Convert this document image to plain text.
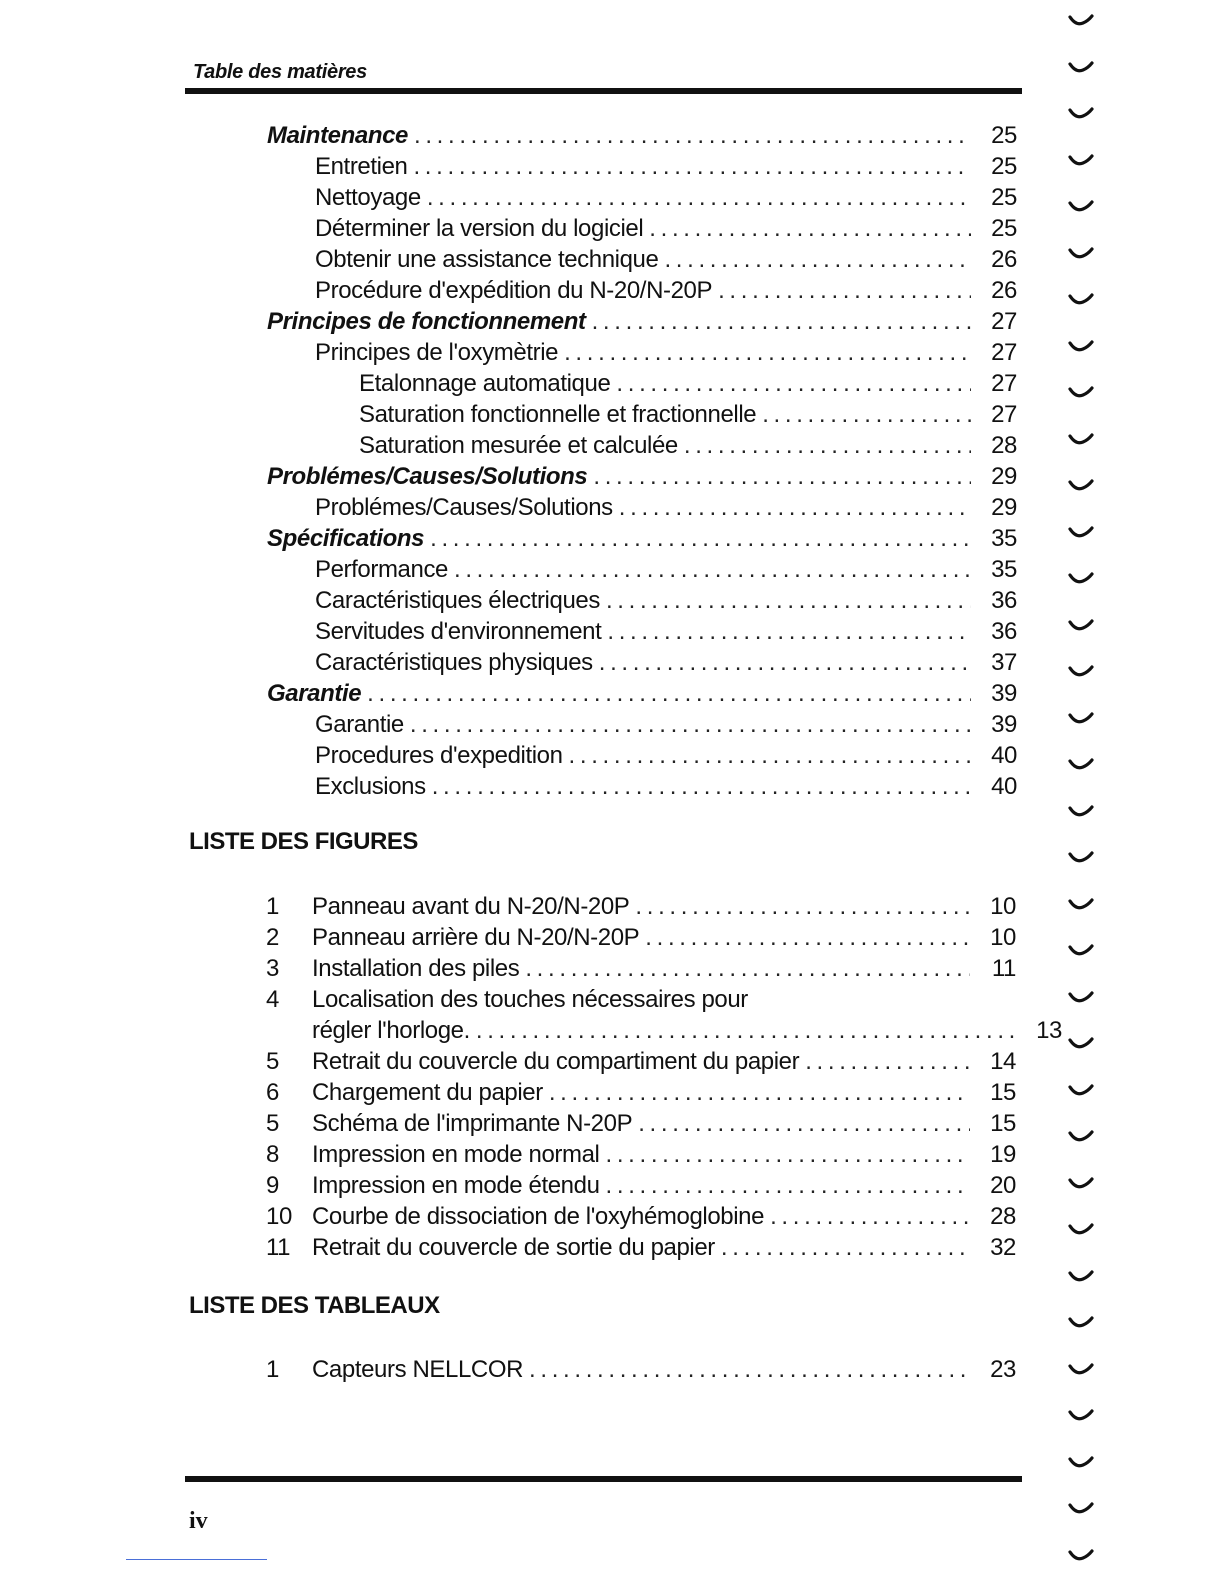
Table des matières
Maintenance . . .	25
Entretien . . .	25
Nettoyage . . .	25
Déterminer la version du logiciel . . .	25
Obtenir une assistance technique . . .	26
Procédure d'expédition du N-20/N-20P . . .	26
Principes de fonctionnement . . .	27
Principes de l'oxymètrie . . .	27
Etalonnage automatique . . .	27
Saturation fonctionnelle et fractionnelle . . .	27
Saturation mesurée et calculée . . .	28
Problémes/Causes/Solutions . . .	29
Problémes/Causes/Solutions . . .	29
Spécifications . . .	35
Performance . . .	35
Caractéristiques électriques . . .	36
Servitudes d'environnement . . .	36
Caractéristiques physiques . . .	37
Garantie . . .	39
Garantie . . .	39
Procedures d'expedition . . .	40
Exclusions . . .	40
LISTE DES FIGURES
1	Panneau avant du N-20/N-20P . . .	10
2	Panneau arrière du N-20/N-20P . . .	10
3	Installation des piles . . .	11
4	Localisation des touches nécessaires pour
régler l'horloge. . . .	13
5	Retrait du couvercle du compartiment du papier . . .	14
6	Chargement du papier . . .	15
5	Schéma de l'imprimante N-20P . . .	15
8	Impression en mode normal . . .	19
9	Impression en mode étendu . . .	20
10 Courbe de dissociation de l'oxyhémoglobine . . .	28
11 Retrait du couvercle de sortie du papier . . .	32
LISTE DES TABLEAUX
1	Capteurs NELLCOR . . .	23
iv
